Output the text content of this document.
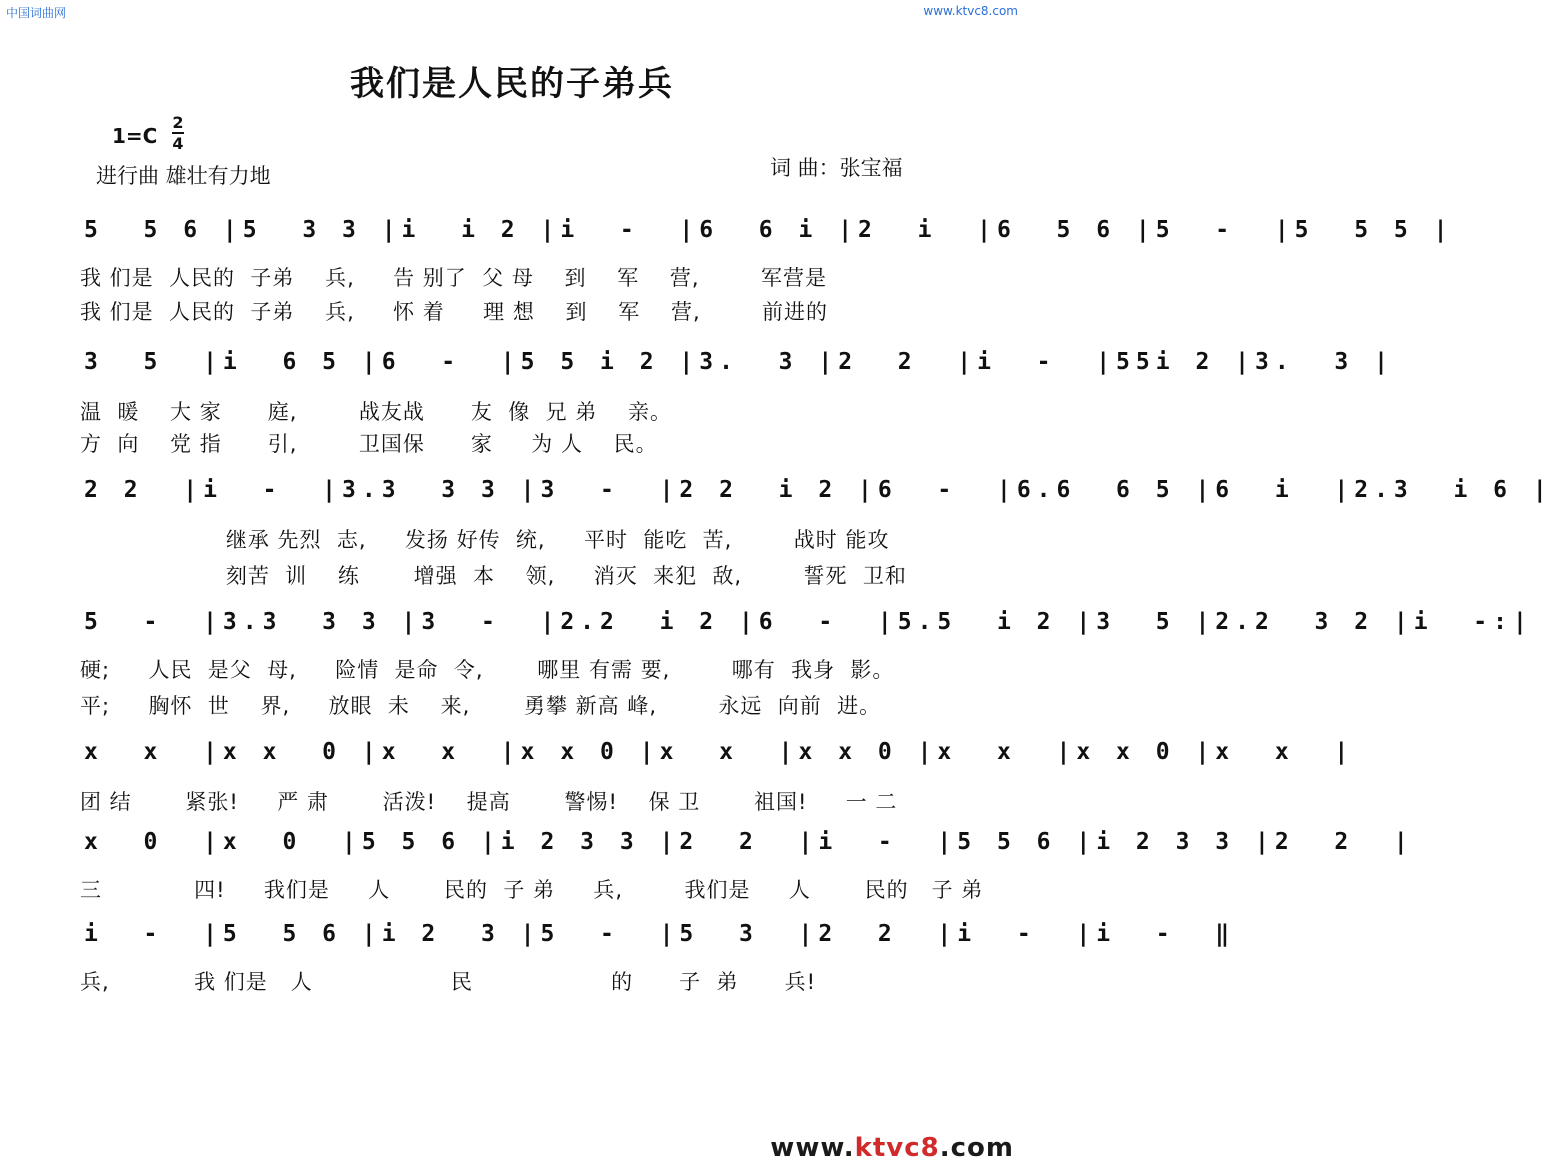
中国词曲网	www.ktvc8.com
我们是人民的子弟兵
1=C
2
4
进行曲 雄壮有力地	词 曲：张宝福
5  5 6 |5  3 3 |i  i 2 |i  -  |6  6 i |2  i  |6  5 6 |5  -  |5  5 5 |
我 们是  人民的  子弟    兵,     告 别了  父 母    到    军    营,        军营是
我 们是  人民的  子弟    兵,     怀 着     理 想    到    军    营,        前进的
3  5  |i  6 5 |6  -  |5 5 i 2 |3.  3 |2  2  |i  -  |55i 2 |3.  3 |
温  暖    大 家      庭,        战友战      友  像  兄 弟    亲。
方  向    党 指      引,        卫国保      家     为 人    民。
2 2  |i  -  |3.3  3 3 |3  -  |2 2  i 2 |6  -  |6.6  6 5 |6  i  |2.3  i 6 |
继承 先烈  志,     发扬 好传  统,     平时  能吃  苦,        战时 能攻
刻苦  训    练       增强  本    领,     消灭  来犯  敌,        誓死  卫和
5  -  |3.3  3 3 |3  -  |2.2  i 2 |6  -  |5.5  i 2 |3  5 |2.2  3 2 |i  -:|
硬;     人民  是父  母,     险情  是命  令,       哪里 有需 要,        哪有  我身  影。
平;     胸怀  世    界,     放眼  未    来,       勇攀 新高 峰,        永远  向前  进。
x  x  |x x  0 |x  x  |x x 0 |x  x  |x x 0 |x  x  |x x 0 |x  x  |
团 结       紧张!     严 肃       活泼!    提高       警惕!    保 卫       祖国!     一 二
x  0  |x  0  |5 5 6 |i 2 3 3 |2  2  |i  -  |5 5 6 |i 2 3 3 |2  2  |
三            四!     我们是     人       民的  子 弟     兵,        我们是     人       民的   子 弟
i  -  |5  5 6 |i 2  3 |5  -  |5  3  |2  2  |i  -  |i  -  ‖
兵,           我 们是   人                  民                  的      子  弟      兵!
www.ktvc8.com
